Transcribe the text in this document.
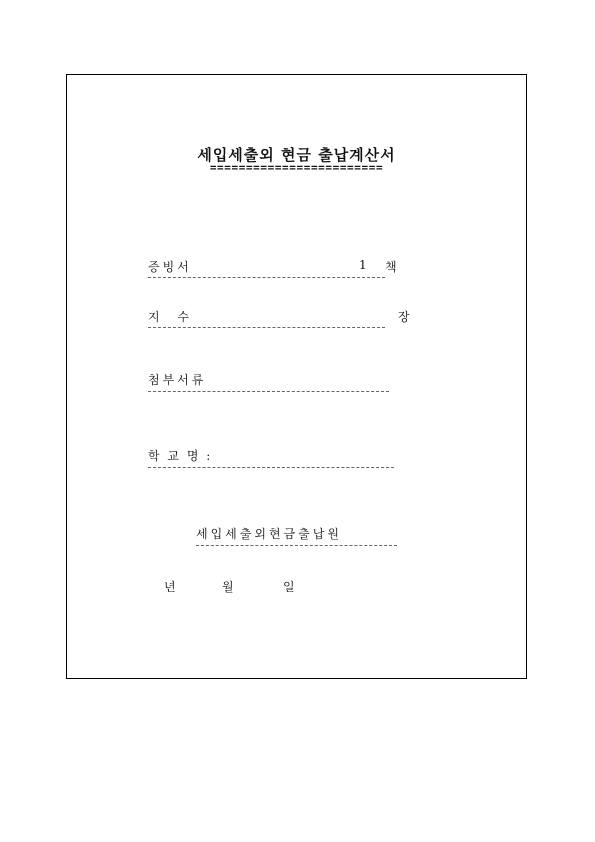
세입세출외 현금 출납계산서
========================
증빙서	1 책
지 수	장
첨부서류
학 교 명 :
세입세출외현금출납원
년	월	일
